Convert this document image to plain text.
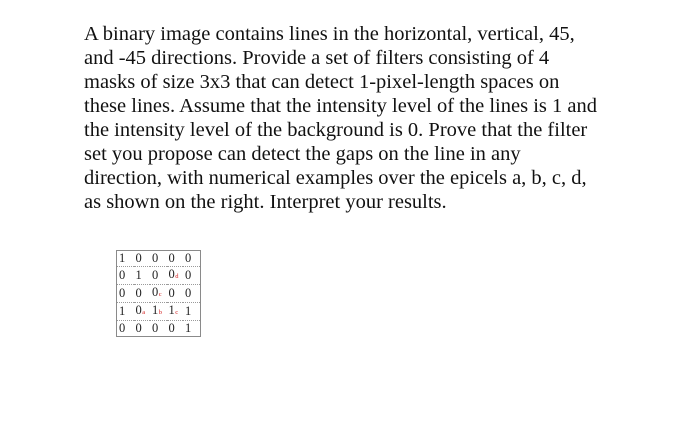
A binary image contains lines in the horizontal, vertical, 45,
and -45 directions. Provide a set of filters consisting of 4
masks of size 3x3 that can detect 1-pixel-length spaces on
these lines. Assume that the intensity level of the lines is 1 and
the intensity level of the background is 0. Prove that the filter
set you propose can detect the gaps on the line in any
direction, with numerical examples over the epicels a, b, c, d,
as shown on the right. Interpret your results.

1	0	0	0	0
0	1	0	0d	0
0	0	0c	0	0
1	0a	1b	1c	1
0	0	0	0	1
